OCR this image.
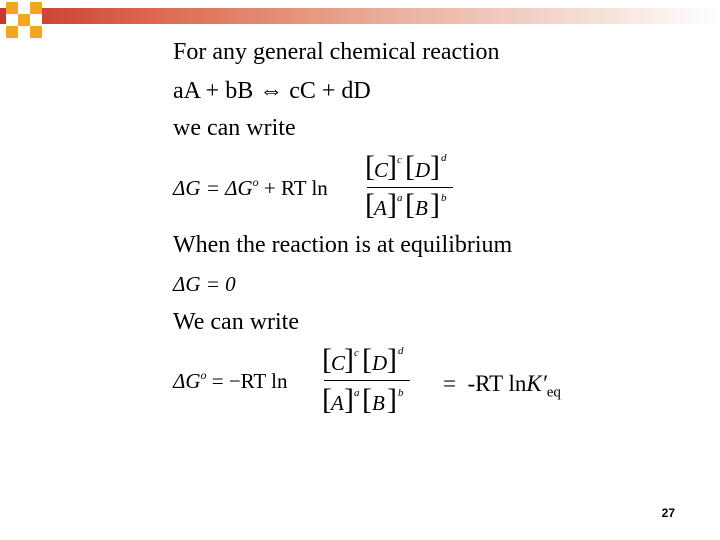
For any general chemical reaction
aA + bB ⇔ cC + dD
we can write
$\Delta G = \Delta G^o$ + RT ln
[ C
] c [ D ] d
[ A ] a [ B ] b
When the reaction is at equilibrium
ΔG = 0
We can write
$\Delta G^o = -RT$ ln
[ C
] c [ D ] d
[ A ] a [ B ] b =  -RT $\ln K'_{eq}$
27
